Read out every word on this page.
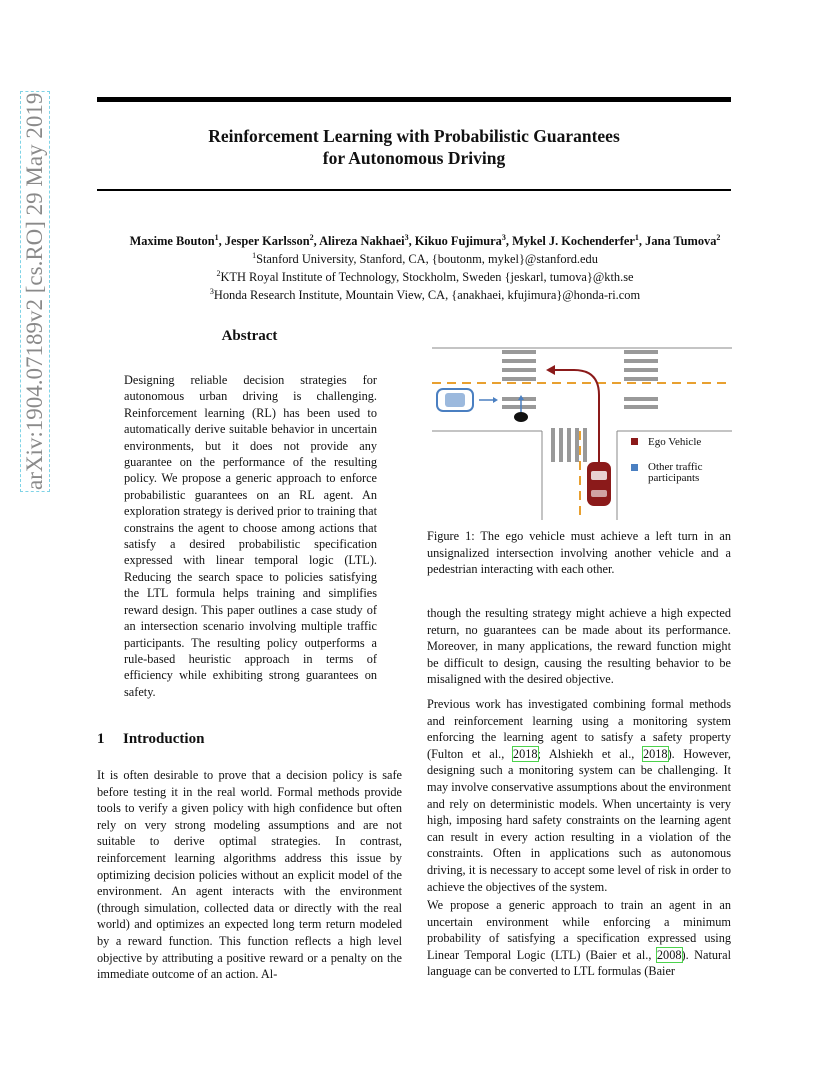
Reinforcement Learning with Probabilistic Guarantees
for Autonomous Driving
Maxime Bouton$^1$, Jesper Karlsson$^2$, Alireza Nakhaei$^3$, Kikuo Fujimura$^3$, Mykel J. Kochenderfer$^1$, Jana Tumova$^2$
$^1$Stanford University, Stanford, CA, {boutonm, mykel}@stanford.edu
$^2$KTH Royal Institute of Technology, Stockholm, Sweden {jeskarl, tumova}@kth.se
$^3$Honda Research Institute, Mountain View, CA, {anakhaei, kfujimura}@honda-ri.com
arXiv:1904.07189v2 [cs.RO] 29 May 2019	Abstract

Designing reliable decision strategies for autonomous urban driving is challenging. Reinforcement learning (RL) has been used to automatically derive suitable behavior in uncertain environments, but it does not provide any guarantee on the performance of the resulting policy. We propose a generic approach to enforce probabilistic guarantees on an RL agent. An exploration strategy is derived prior to training that constrains the agent to choose among actions that satisfy a desired probabilistic specification expressed with linear temporal logic (LTL). Reducing the search space to policies satisfying the LTL formula helps training and simplifies reward design. This paper outlines a case study of an intersection scenario involving multiple traffic participants. The resulting policy outperforms a rule-based heuristic approach in terms of efficiency while exhibiting strong guarantees on safety.

1 Introduction

It is often desirable to prove that a decision policy is safe before testing it in the real world. Formal methods provide tools to verify a given policy with high confidence but often rely on very strong modeling assumptions and are not suitable to derive optimal strategies. In contrast, reinforcement learning algorithms address this issue by optimizing decision policies without an explicit model of the environment. An agent interacts with the environment (through simulation, collected data or directly with the real world) and optimizes an expected long term return modeled by a reward function. This function reflects a high level objective by attributing a positive reward or a penalty on the immediate outcome of an action. Al-

Ego Vehicle
Other traffic
participants

Figure 1: The ego vehicle must achieve a left turn in an unsignalized intersection involving another vehicle and a pedestrian interacting with each other.

though the resulting strategy might achieve a high expected return, no guarantees can be made about its performance. Moreover, in many applications, the reward function might be difficult to design, causing the resulting behavior to be misaligned with the desired objective.

Previous work has investigated combining formal methods and reinforcement learning using a monitoring system enforcing the learning agent to satisfy a safety property (Fulton et al., 2018; Alshiekh et al., 2018). However, designing such a monitoring system can be challenging. It may involve conservative assumptions about the environment and rely on deterministic models. When uncertainty is very high, imposing hard safety constraints on the learning agent can result in every action resulting in a violation of the constraints. Often in applications such as autonomous driving, it is necessary to accept some level of risk in order to achieve the objectives of the system.

We propose a generic approach to train an agent in an uncertain environment while enforcing a minimum probability of satisfying a specification expressed using Linear Temporal Logic (LTL) (Baier et al., 2008). Natural language can be converted to LTL formulas (Baier
